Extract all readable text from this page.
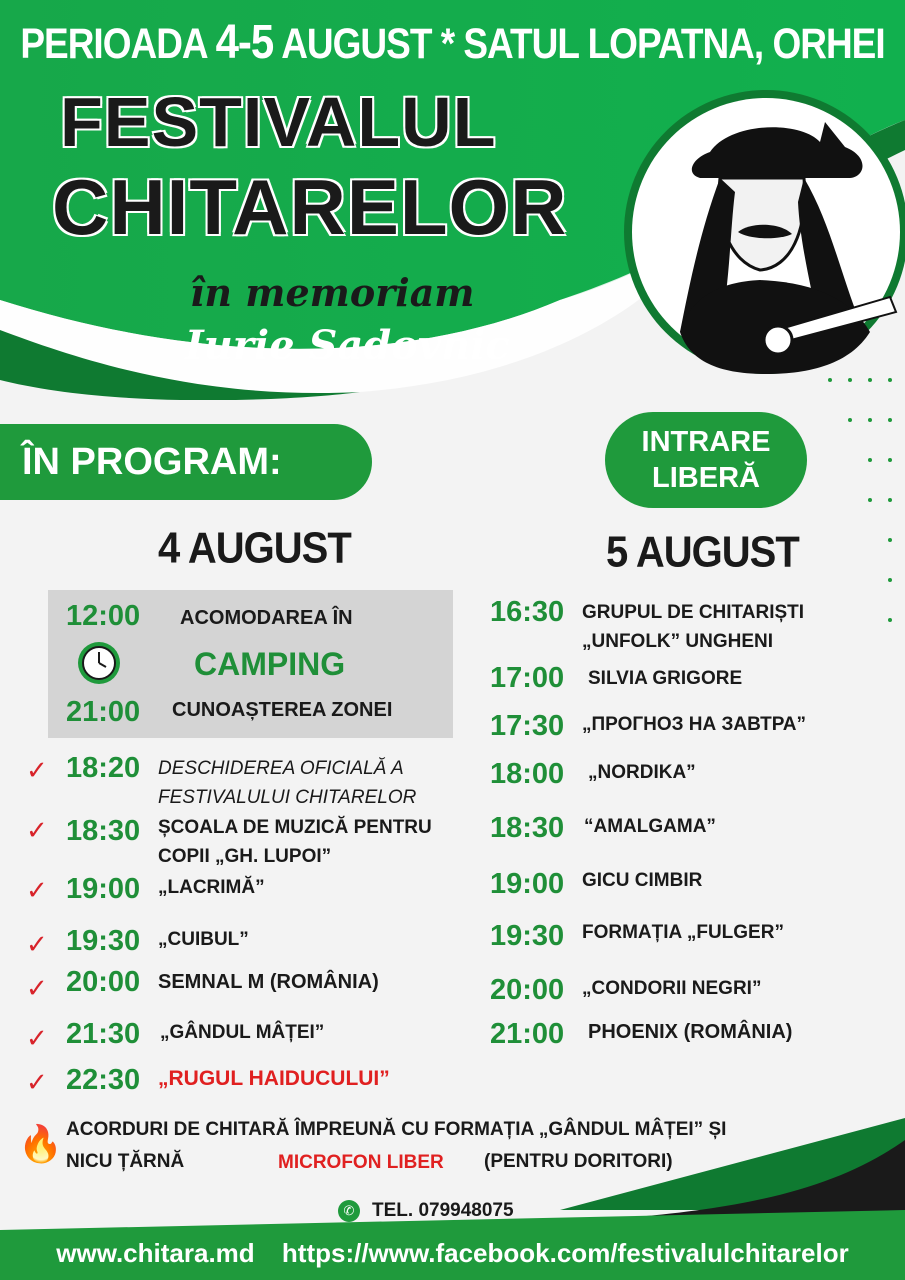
PERIOADA 4-5 AUGUST * SATUL LOPATNA, ORHEI
FESTIVALUL
CHITARELOR
în memoriam
Iurie Sadovnic
ÎN PROGRAM:	INTRARE
LIBERĂ
4 AUGUST
12:00 ACOMODAREA ÎN
CAMPING
21:00 CUNOAȘTEREA ZONEI
✓ 18:20 DESCHIDEREA OFICIALĂ A
FESTIVALULUI CHITARELOR
✓ 18:30 ȘCOALA DE MUZICĂ PENTRU
COPII „GH. LUPOI”
✓ 19:00 „LACRIMĂ”
✓ 19:30 „CUIBUL”
✓ 20:00 SEMNAL M (ROMÂNIA)
✓ 21:30 „GÂNDUL MÂȚEI”
✓ 22:30 „RUGUL HAIDUCULUI”
5 AUGUST
16:30 GRUPUL DE CHITARIȘTI
„UNFOLK” UNGHENI
17:00 SILVIA GRIGORE
17:30 „ПРОГНОЗ НА ЗАВТРА”
18:00 „NORDIKA”
18:30 “AMALGAMA”
19:00 GICU CIMBIR
19:30 FORMAȚIA „FULGER”
20:00 „CONDORII NEGRI”
21:00 PHOENIX (ROMÂNIA)
🔥 ACORDURI DE CHITARĂ ÎMPREUNĂ CU FORMAȚIA „GÂNDUL MÂȚEI” ȘI
NICU ȚĂRNĂ	MICROFON LIBER (PENTRU DORITORI)
✆ TEL. 079948075
www.chitara.md https://www.facebook.com/festivalulchitarelor
